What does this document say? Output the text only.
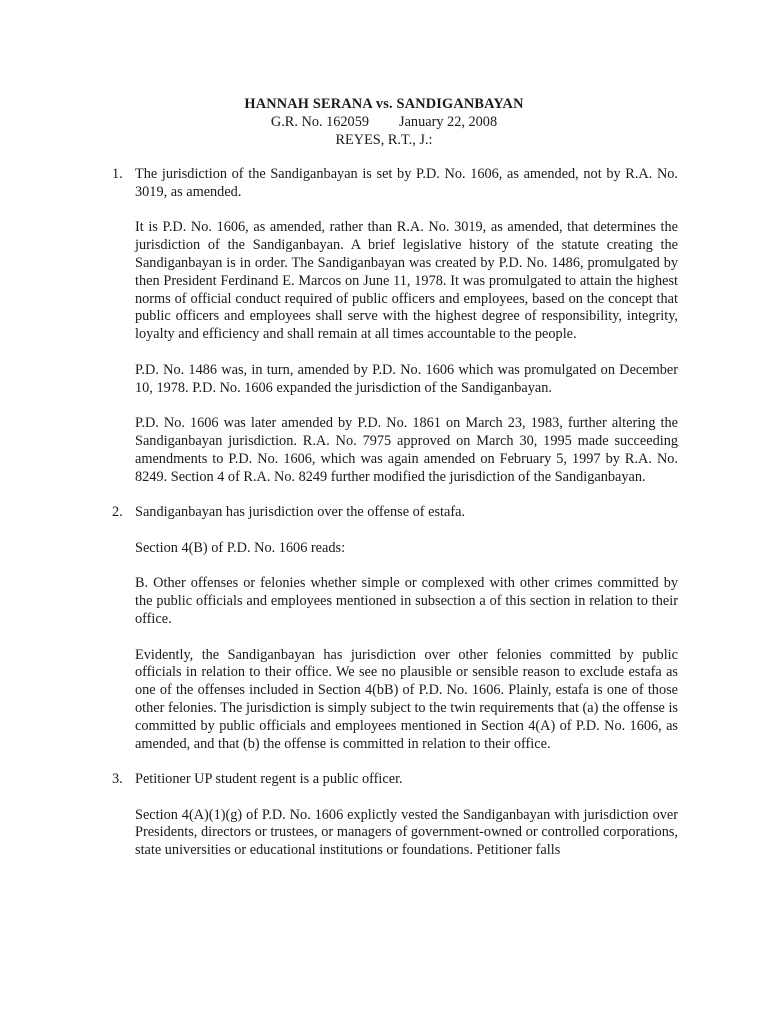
HANNAH SERANA vs. SANDIGANBAYAN
G.R. No. 162059 January 22, 2008
REYES, R.T., J.:
1. The jurisdiction of the Sandiganbayan is set by P.D. No. 1606, as amended, not by R.A. No. 3019, as amended.

It is P.D. No. 1606, as amended, rather than R.A. No. 3019, as amended, that determines the jurisdiction of the Sandiganbayan. A brief legislative history of the statute creating the Sandiganbayan is in order. The Sandiganbayan was created by P.D. No. 1486, promulgated by then President Ferdinand E. Marcos on June 11, 1978. It was promulgated to attain the highest norms of official conduct required of public officers and employees, based on the concept that public officers and employees shall serve with the highest degree of responsibility, integrity, loyalty and efficiency and shall remain at all times accountable to the people.

P.D. No. 1486 was, in turn, amended by P.D. No. 1606 which was promulgated on December 10, 1978. P.D. No. 1606 expanded the jurisdiction of the Sandiganbayan.

P.D. No. 1606 was later amended by P.D. No. 1861 on March 23, 1983, further altering the Sandiganbayan jurisdiction. R.A. No. 7975 approved on March 30, 1995 made succeeding amendments to P.D. No. 1606, which was again amended on February 5, 1997 by R.A. No. 8249. Section 4 of R.A. No. 8249 further modified the jurisdiction of the Sandiganbayan.

2. Sandiganbayan has jurisdiction over the offense of estafa.

Section 4(B) of P.D. No. 1606 reads:

B. Other offenses or felonies whether simple or complexed with other crimes committed by the public officials and employees mentioned in subsection a of this section in relation to their office.

Evidently, the Sandiganbayan has jurisdiction over other felonies committed by public officials in relation to their office. We see no plausible or sensible reason to exclude estafa as one of the offenses included in Section 4(bB) of P.D. No. 1606. Plainly, estafa is one of those other felonies. The jurisdiction is simply subject to the twin requirements that (a) the offense is committed by public officials and employees mentioned in Section 4(A) of P.D. No. 1606, as amended, and that (b) the offense is committed in relation to their office.

3. Petitioner UP student regent is a public officer.

Section 4(A)(1)(g) of P.D. No. 1606 explictly vested the Sandiganbayan with jurisdiction over Presidents, directors or trustees, or managers of government-owned or controlled corporations, state universities or educational institutions or foundations. Petitioner falls
